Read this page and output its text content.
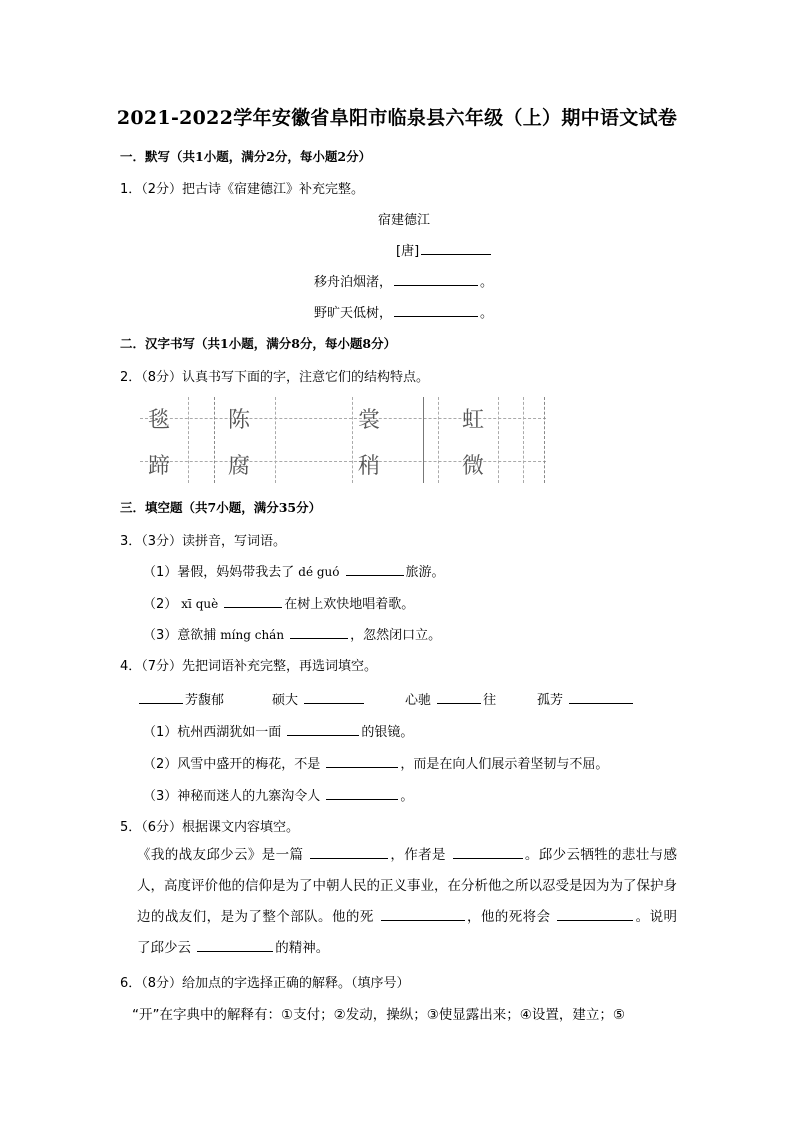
2021-2022学年安徽省阜阳市临泉县六年级（上）期中语文试卷
一．默写（共1小题，满分2分，每小题2分）
1．（2分）把古诗《宿建德江》补充完整。
宿建德江
[唐]
移舟泊烟渚，	。
野旷天低树，	。
二．汉字书写（共1小题，满分8分，每小题8分）
2．（8分）认真书写下面的字，注意它们的结构特点。
毯	陈	裳	虹
蹄	腐	稍	微
三．填空题（共7小题，满分35分）
3．（3分）读拼音，写词语。
（1）暑假，妈妈带我去了 dé guó	旅游。
（2） xī què	在树上欢快地唱着歌。
（3）意欲捕 míng chán	，忽然闭口立。
4．（7分）先把词语补充完整，再选词填空。
芳馥郁	硕大	心驰	往	孤芳
（1）杭州西湖犹如一面	的银镜。
（2）风雪中盛开的梅花，不是	，而是在向人们展示着坚韧与不屈。
（3）神秘而迷人的九寨沟令人	。
5．（6分）根据课文内容填空。
《我的战友邱少云》是一篇	，作者是	。邱少云牺牲的悲壮与感人，高度评价他的信仰是为了中朝人民的正义事业，在分析他之所以忍受是因为为了保护身边的战友们，是为了整个部队。他的死	，他的死将会	。说明了邱少云	的精神。
6．（8分）给加点的字选择正确的解释。（填序号）
“开”在字典中的解释有：①支付；②发动，操纵；③使显露出来；④设置，建立；⑤
